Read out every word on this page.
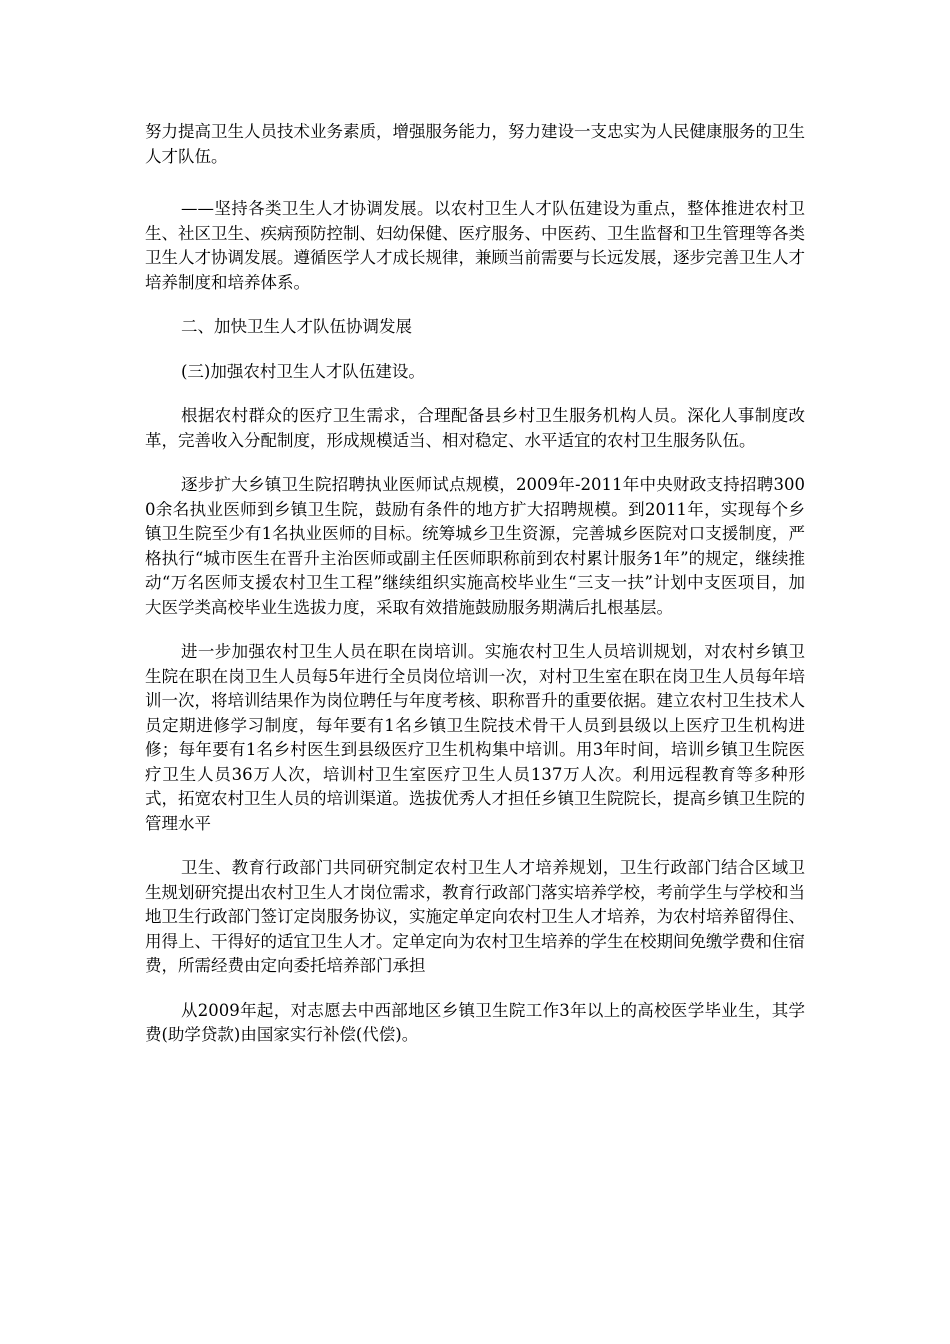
努力提高卫生人员技术业务素质，增强服务能力，努力建设一支忠实为人民健康服务的卫生人才队伍。

——坚持各类卫生人才协调发展。以农村卫生人才队伍建设为重点，整体推进农村卫生、社区卫生、疾病预防控制、妇幼保健、医疗服务、中医药、卫生监督和卫生管理等各类卫生人才协调发展。遵循医学人才成长规律，兼顾当前需要与长远发展，逐步完善卫生人才培养制度和培养体系。

二、加快卫生人才队伍协调发展

(三)加强农村卫生人才队伍建设。

根据农村群众的医疗卫生需求，合理配备县乡村卫生服务机构人员。深化人事制度改革，完善收入分配制度，形成规模适当、相对稳定、水平适宜的农村卫生服务队伍。

逐步扩大乡镇卫生院招聘执业医师试点规模，2009年-2011年中央财政支持招聘3000余名执业医师到乡镇卫生院，鼓励有条件的地方扩大招聘规模。到2011年，实现每个乡镇卫生院至少有1名执业医师的目标。统筹城乡卫生资源，完善城乡医院对口支援制度，严格执行“城市医生在晋升主治医师或副主任医师职称前到农村累计服务1年”的规定，继续推动“万名医师支援农村卫生工程”继续组织实施高校毕业生“三支一扶”计划中支医项目，加大医学类高校毕业生选拔力度，采取有效措施鼓励服务期满后扎根基层。

进一步加强农村卫生人员在职在岗培训。实施农村卫生人员培训规划，对农村乡镇卫生院在职在岗卫生人员每5年进行全员岗位培训一次，对村卫生室在职在岗卫生人员每年培训一次，将培训结果作为岗位聘任与年度考核、职称晋升的重要依据。建立农村卫生技术人员定期进修学习制度，每年要有1名乡镇卫生院技术骨干人员到县级以上医疗卫生机构进修；每年要有1名乡村医生到县级医疗卫生机构集中培训。用3年时间，培训乡镇卫生院医疗卫生人员36万人次，培训村卫生室医疗卫生人员137万人次。利用远程教育等多种形式，拓宽农村卫生人员的培训渠道。选拔优秀人才担任乡镇卫生院院长，提高乡镇卫生院的管理水平

卫生、教育行政部门共同研究制定农村卫生人才培养规划，卫生行政部门结合区域卫生规划研究提出农村卫生人才岗位需求，教育行政部门落实培养学校，考前学生与学校和当地卫生行政部门签订定岗服务协议，实施定单定向农村卫生人才培养，为农村培养留得住、用得上、干得好的适宜卫生人才。定单定向为农村卫生培养的学生在校期间免缴学费和住宿费，所需经费由定向委托培养部门承担

从2009年起，对志愿去中西部地区乡镇卫生院工作3年以上的高校医学毕业生，其学费(助学贷款)由国家实行补偿(代偿)。
